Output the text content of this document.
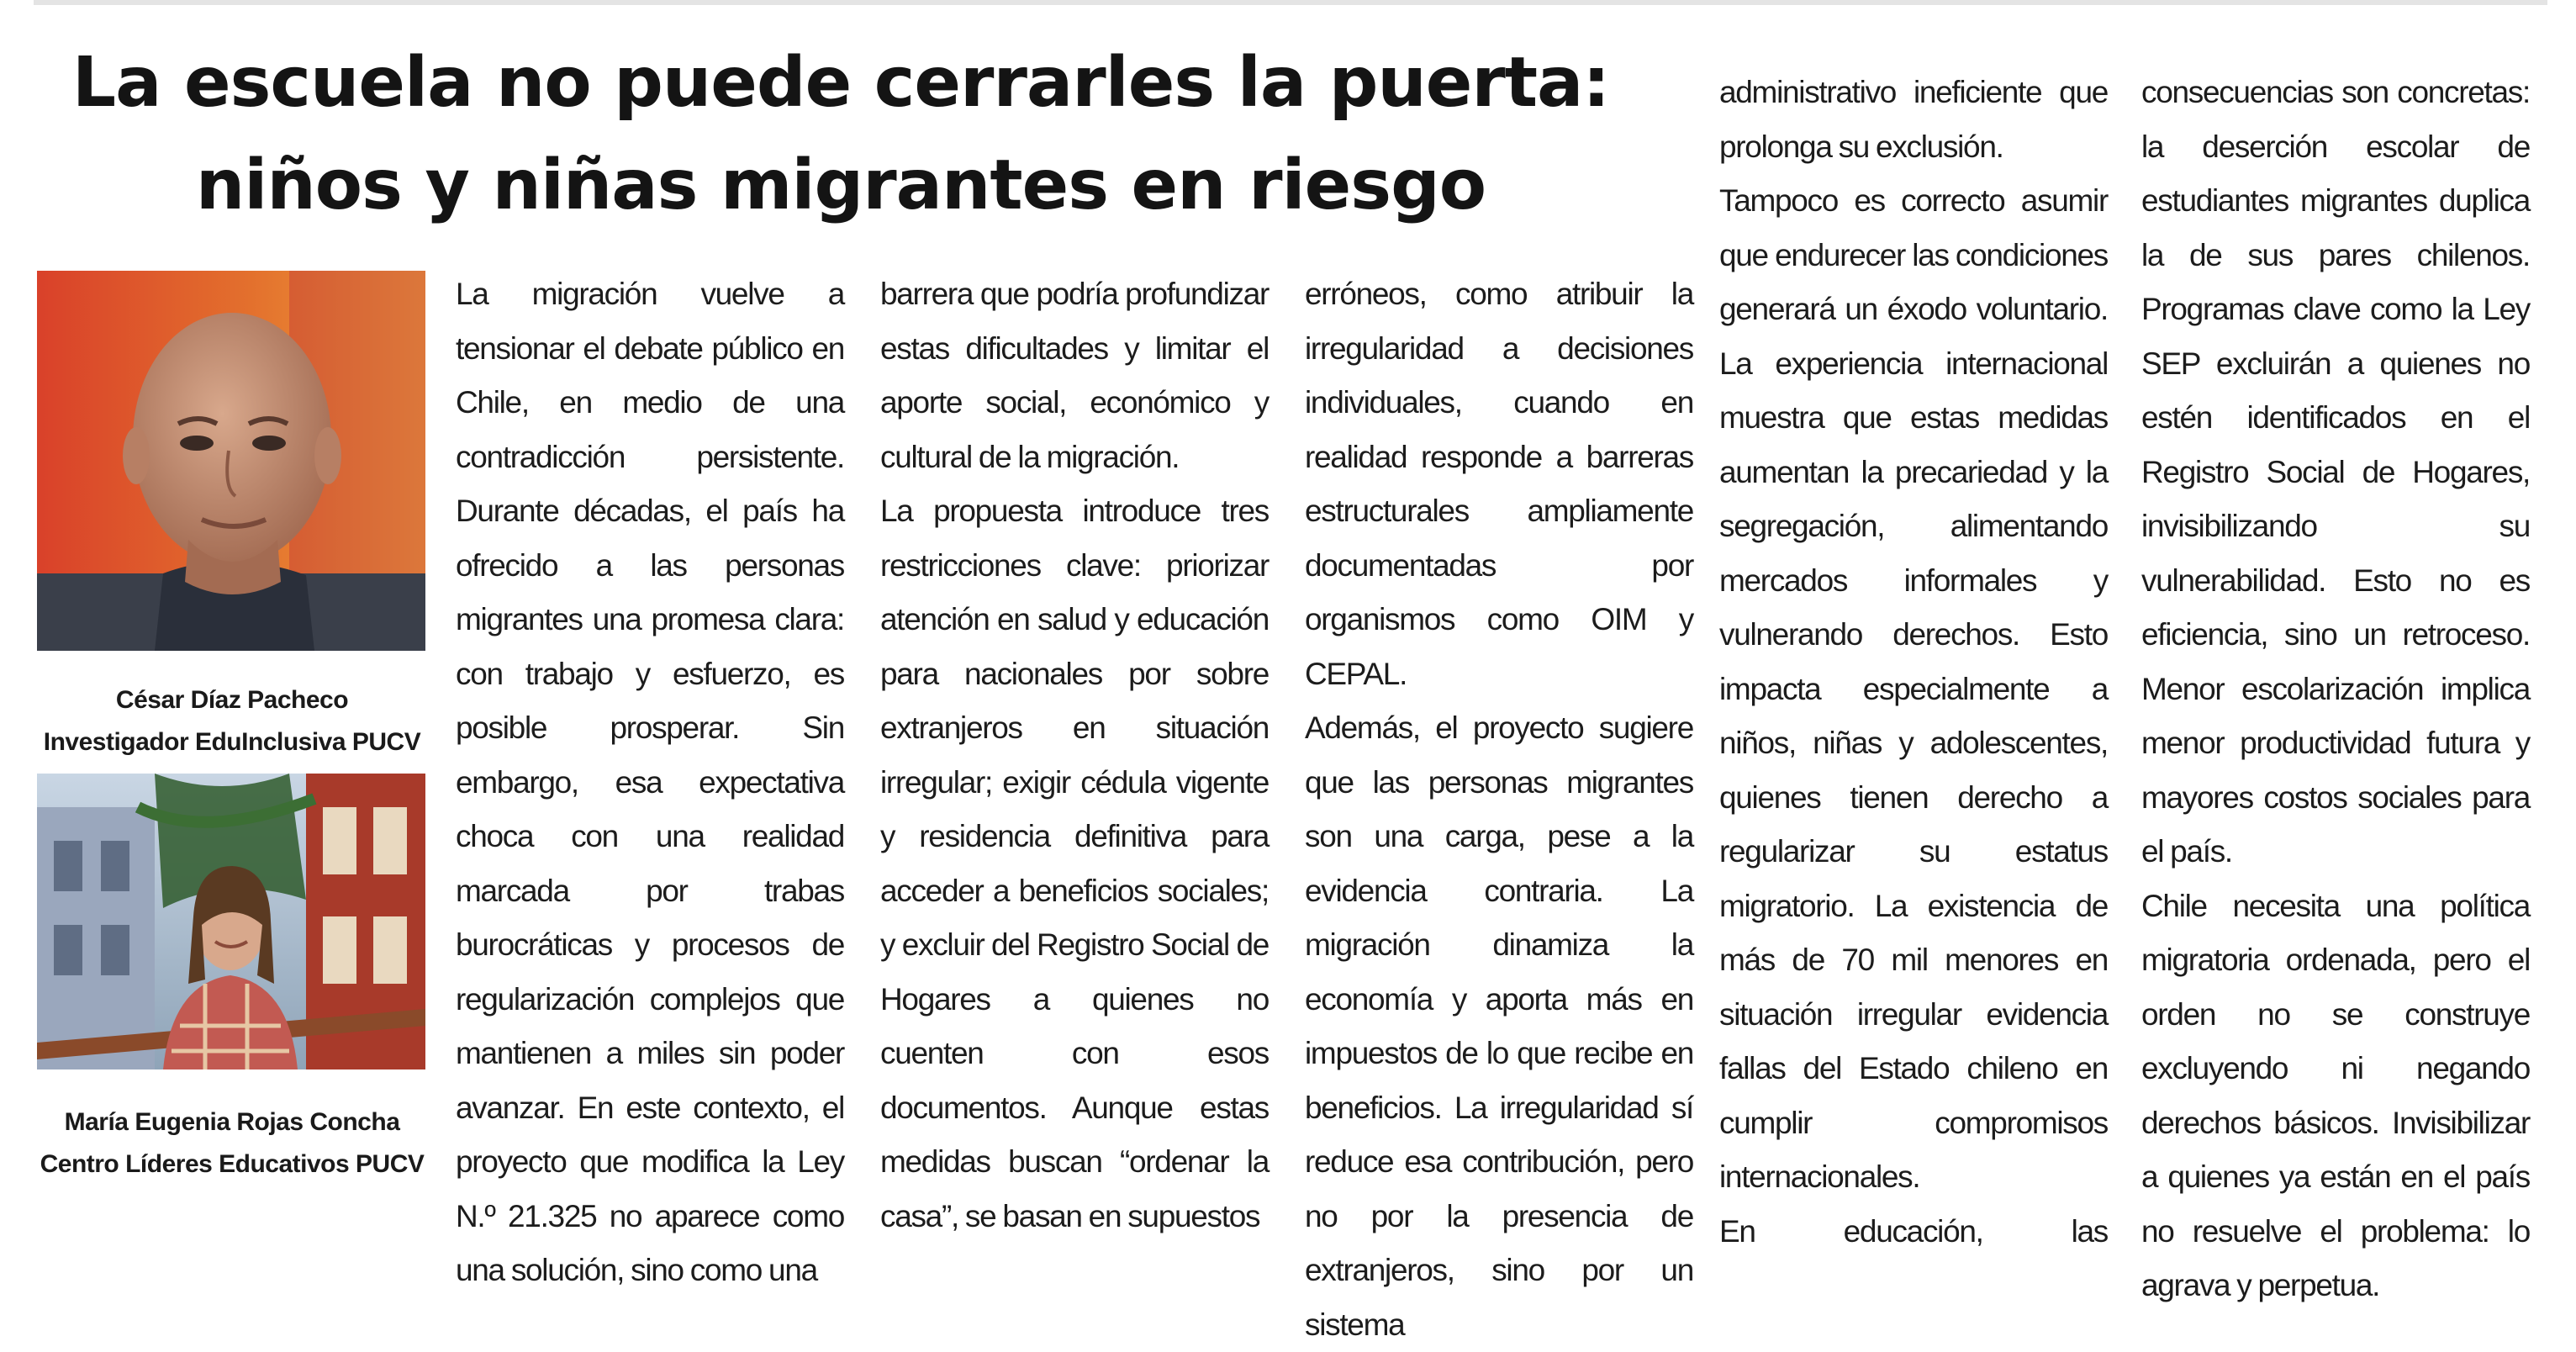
La escuela no puede cerrarles la puerta:
niños y niñas migrantes en riesgo
César Díaz Pacheco
Investigador EduInclusiva PUCV
María Eugenia Rojas Concha
Centro Líderes Educativos PUCV

La migración vuelve a tensionar el debate público en Chile, en medio de una contradicción persistente. Durante décadas, el país ha ofrecido a las personas migrantes una promesa clara: con trabajo y esfuerzo, es posible prosperar. Sin embargo, esa expectativa choca con una realidad marcada por trabas burocráticas y procesos de regularización complejos que mantienen a miles sin poder avanzar. En este contexto, el proyecto que modifica la Ley N.º 21.325 no aparece como una solución, sino como una

barrera que podría profundizar estas dificultades y limitar el aporte social, económico y cultural de la migración.

La propuesta introduce tres restricciones clave: priorizar atención en salud y educación para nacionales por sobre extranjeros en situación irregular; exigir cédula vigente y residencia definitiva para acceder a beneficios sociales; y excluir del Registro Social de Hogares a quienes no cuenten con esos documentos. Aunque estas medidas buscan “ordenar la casa”, se basan en supuestos

erróneos, como atribuir la irregularidad a decisiones individuales, cuando en realidad responde a barreras estructurales ampliamente documentadas por organismos como OIM y CEPAL.

Además, el proyecto sugiere que las personas migrantes son una carga, pese a la evidencia contraria. La migración dinamiza la economía y aporta más en impuestos de lo que recibe en beneficios. La irregularidad sí reduce esa contribución, pero no por la presencia de extranjeros, sino por un sistema

administrativo ineficiente que prolonga su exclusión.

Tampoco es correcto asumir que endurecer las condiciones generará un éxodo voluntario. La experiencia internacional muestra que estas medidas aumentan la precariedad y la segregación, alimentando mercados informales y vulnerando derechos. Esto impacta especialmente a niños, niñas y adolescentes, quienes tienen derecho a regularizar su estatus migratorio. La existencia de más de 70 mil menores en situación irregular evidencia fallas del Estado chileno en cumplir compromisos internacionales.

En educación, las

consecuencias son concretas: la deserción escolar de estudiantes migrantes duplica la de sus pares chilenos. Programas clave como la Ley SEP excluirán a quienes no estén identificados en el Registro Social de Hogares, invisibilizando su vulnerabilidad. Esto no es eficiencia, sino un retroceso. Menor escolarización implica menor productividad futura y mayores costos sociales para el país.

Chile necesita una política migratoria ordenada, pero el orden no se construye excluyendo ni negando derechos básicos. Invisibilizar a quienes ya están en el país no resuelve el problema: lo agrava y perpetua.
